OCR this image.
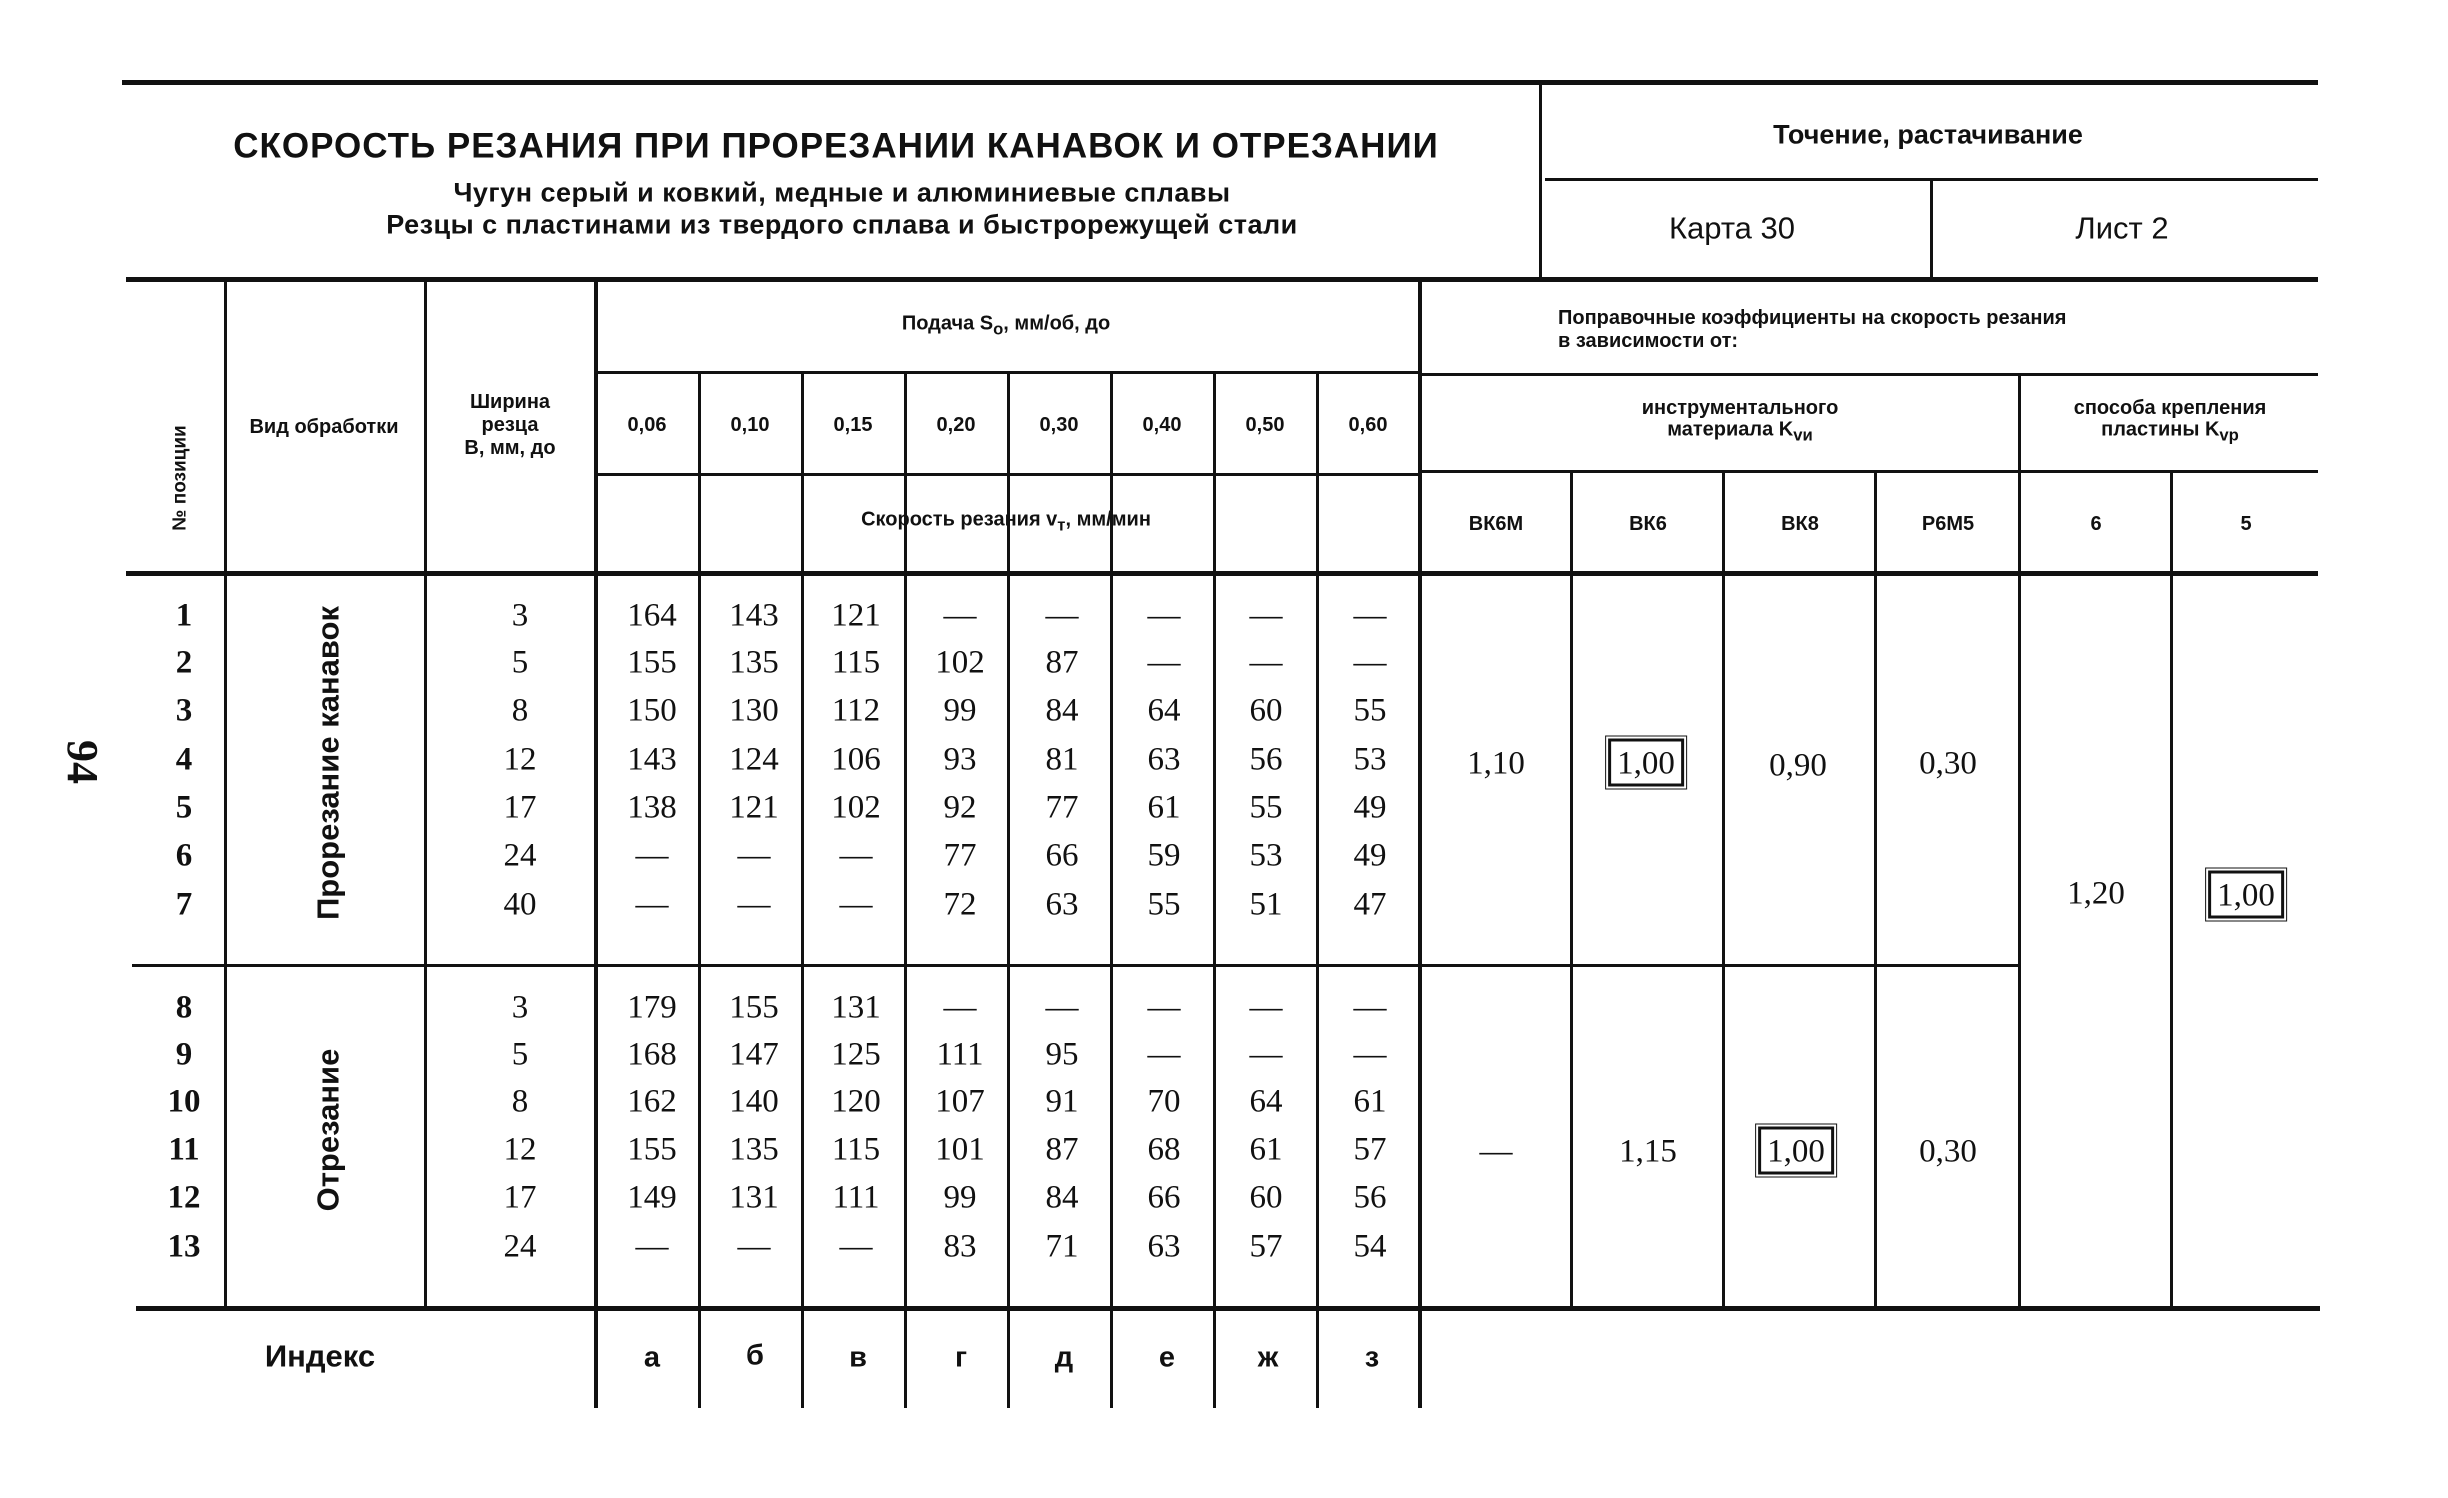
94
СКОРОСТЬ РЕЗАНИЯ ПРИ ПРОРЕЗАНИИ КАНАВОК И ОТРЕЗАНИИ
Чугун серый и ковкий, медные и алюминиевые сплавы
Резцы с пластинами из твердого сплава и быстрорежущей стали
Точение, растачивание
Карта 30	Лист 2
№ позиции	Вид обработки
Ширина
резца
B, мм, до
Подача $S_о$, мм/об, до
0,06	0,10	0,15	0,20	0,30	0,40	0,50	0,60
Скорость резания $v_т$, мм/мин
Поправочные коэффициенты на скорость резания
в зависимости от:
инструментального
материала $K_{vи}$
способа крепления
пластины $K_{vр}$
ВК6М	ВК6	ВК8	Р6М5	6	5
Прорезание канавок
Отрезание
1	3	164 143 121 — — — — —
2	5	155 135 115 102 87 — — —
3	8	150 130 112 99 84 64 60 55
4	12	143 124 106 93 81 63 56 53
5	17	138 121 102 92 77 61 55 49
6	24	— — — 77 66 59 53 49
7	40	— — — 72 63 55 51 47
8	3	179 155 131 — — — — —
9	5	168 147 125 111 95 — — —
10	8	162 140 120 107 91 70 64 61
11	12	155 135 115 101 87 68 61 57
12	17	149 131 111 99 84 66 60 56
13	24	— — — 83 71 63 57 54
1,10	1,00	0,90	0,30
—	1,15	1,00	0,30
1,20	1,00
Индекс	а	б	в	г	д	е	ж	з
